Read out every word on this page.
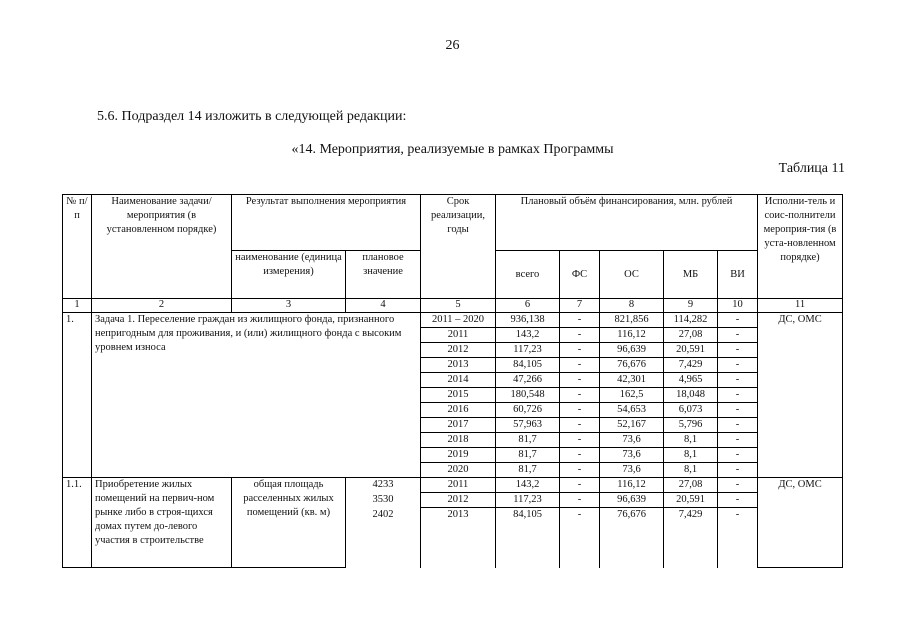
26
5.6. Подраздел 14 изложить в следующей редакции:
«14. Мероприятия, реализуемые в рамках Программы
Таблица 11
№ п/п	Наименование задачи/мероприятия (в установленном порядке)	Результат выполнения мероприятия		Срок реализации, годы	Плановый объём финансирования, млн. рублей					Исполни-тель и соис-полнители мероприя-тия (в уста-новленном порядке)
		наименование (единица измерения)	плановое значение		всего	ФС	ОС	МБ	ВИ	
1	2	3	4	5	6	7	8	9	10	11
1.	Задача 1. Переселение граждан из жилищного фонда, признанного непригодным для проживания, и (или) жилищного фонда с высоким уровнем износа			2011 – 2020	936,138	-	821,856	114,282	-	ДС, ОМС
				2011	143,2	-	116,12	27,08	-	
				2012	117,23	-	96,639	20,591	-	
				2013	84,105	-	76,676	7,429	-	
				2014	47,266	-	42,301	4,965	-	
				2015	180,548	-	162,5	18,048	-	
				2016	60,726	-	54,653	6,073	-	
				2017	57,963	-	52,167	5,796	-	
				2018	81,7	-	73,6	8,1	-	
				2019	81,7	-	73,6	8,1	-	
				2020	81,7	-	73,6	8,1	-	
1.1.	Приобретение жилых помещений на первич-ном рынке либо в строя-щихся домах путем до-левого участия в строительстве	общая площадь расселенных жилых помещений (кв. м)	4233	2011	143,2	-	116,12	27,08	-	ДС, ОМС
			3530	2012	117,23	-	96,639	20,591	-	
			2402	2013	84,105	-	76,676	7,429	-	
